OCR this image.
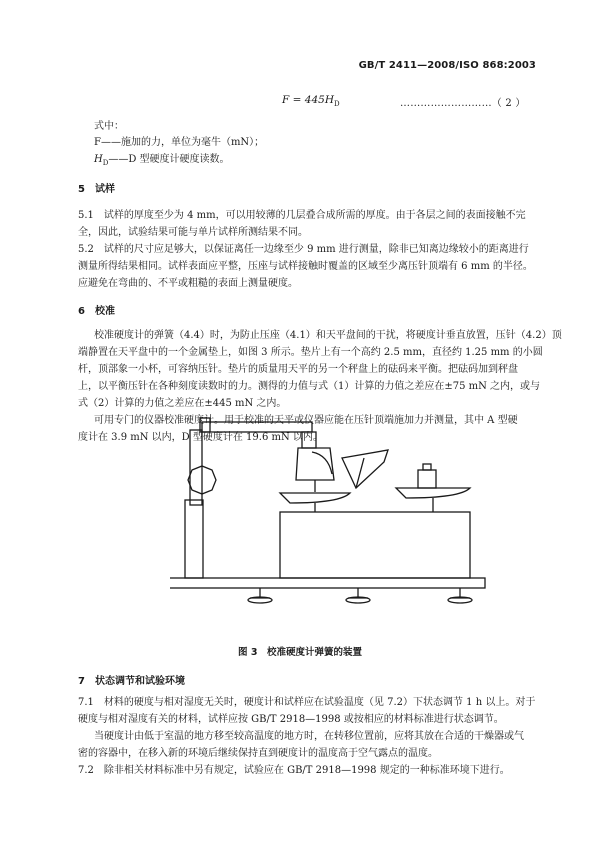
GB/T 2411—2008/ISO 868:2003
$F = 445H_D$	………………………（ 2 ）
式中：
F——施加的力，单位为毫牛（mN）；
$H_D——D$ 型硬度计硬度读数。
5　试样
5.1　试样的厚度至少为 4 mm，可以用较薄的几层叠合成所需的厚度。由于各层之间的表面接触不完
全，因此，试验结果可能与单片试样所测结果不同。
5.2　试样的尺寸应足够大，以保证离任一边缘至少 9 mm 进行测量，除非已知离边缘较小的距离进行
测量所得结果相同。试样表面应平整，压座与试样接触时覆盖的区域至少离压针顶端有 6 mm 的半径。
应避免在弯曲的、不平或粗糙的表面上测量硬度。
6　校准
校准硬度计的弹簧（4.4）时，为防止压座（4.1）和天平盘间的干扰，将硬度计垂直放置，压针（4.2）顶
端静置在天平盘中的一个金属垫上，如图 3 所示。垫片上有一个高约 2.5 mm，直径约 1.25 mm 的小圆
杆，顶部象一小杯，可容纳压针。垫片的质量用天平的另一个秤盘上的砝码来平衡。把砝码加到秤盘
上，以平衡压针在各种刻度读数时的力。测得的力值与式（1）计算的力值之差应在±75 mN 之内，或与
式（2）计算的力值之差应在±445 mN 之内。
可用专门的仪器校准硬度计。用于校准的天平或仪器应能在压针顶端施加力并测量，其中 A 型硬
度计在 3.9 mN 以内，D 型硬度计在 19.6 mN 以内。
图 3　校准硬度计弹簧的装置
7　状态调节和试验环境
7.1　材料的硬度与相对湿度无关时，硬度计和试样应在试验温度（见 7.2）下状态调节 1 h 以上。对于
硬度与相对湿度有关的材料，试样应按 GB/T 2918—1998 或按相应的材料标准进行状态调节。
当硬度计由低于室温的地方移至较高温度的地方时，在转移位置前，应将其放在合适的干燥器或气
密的容器中，在移入新的环境后继续保持直到硬度计的温度高于空气露点的温度。
7.2　除非相关材料标准中另有规定，试验应在 GB/T 2918—1998 规定的一种标准环境下进行。
